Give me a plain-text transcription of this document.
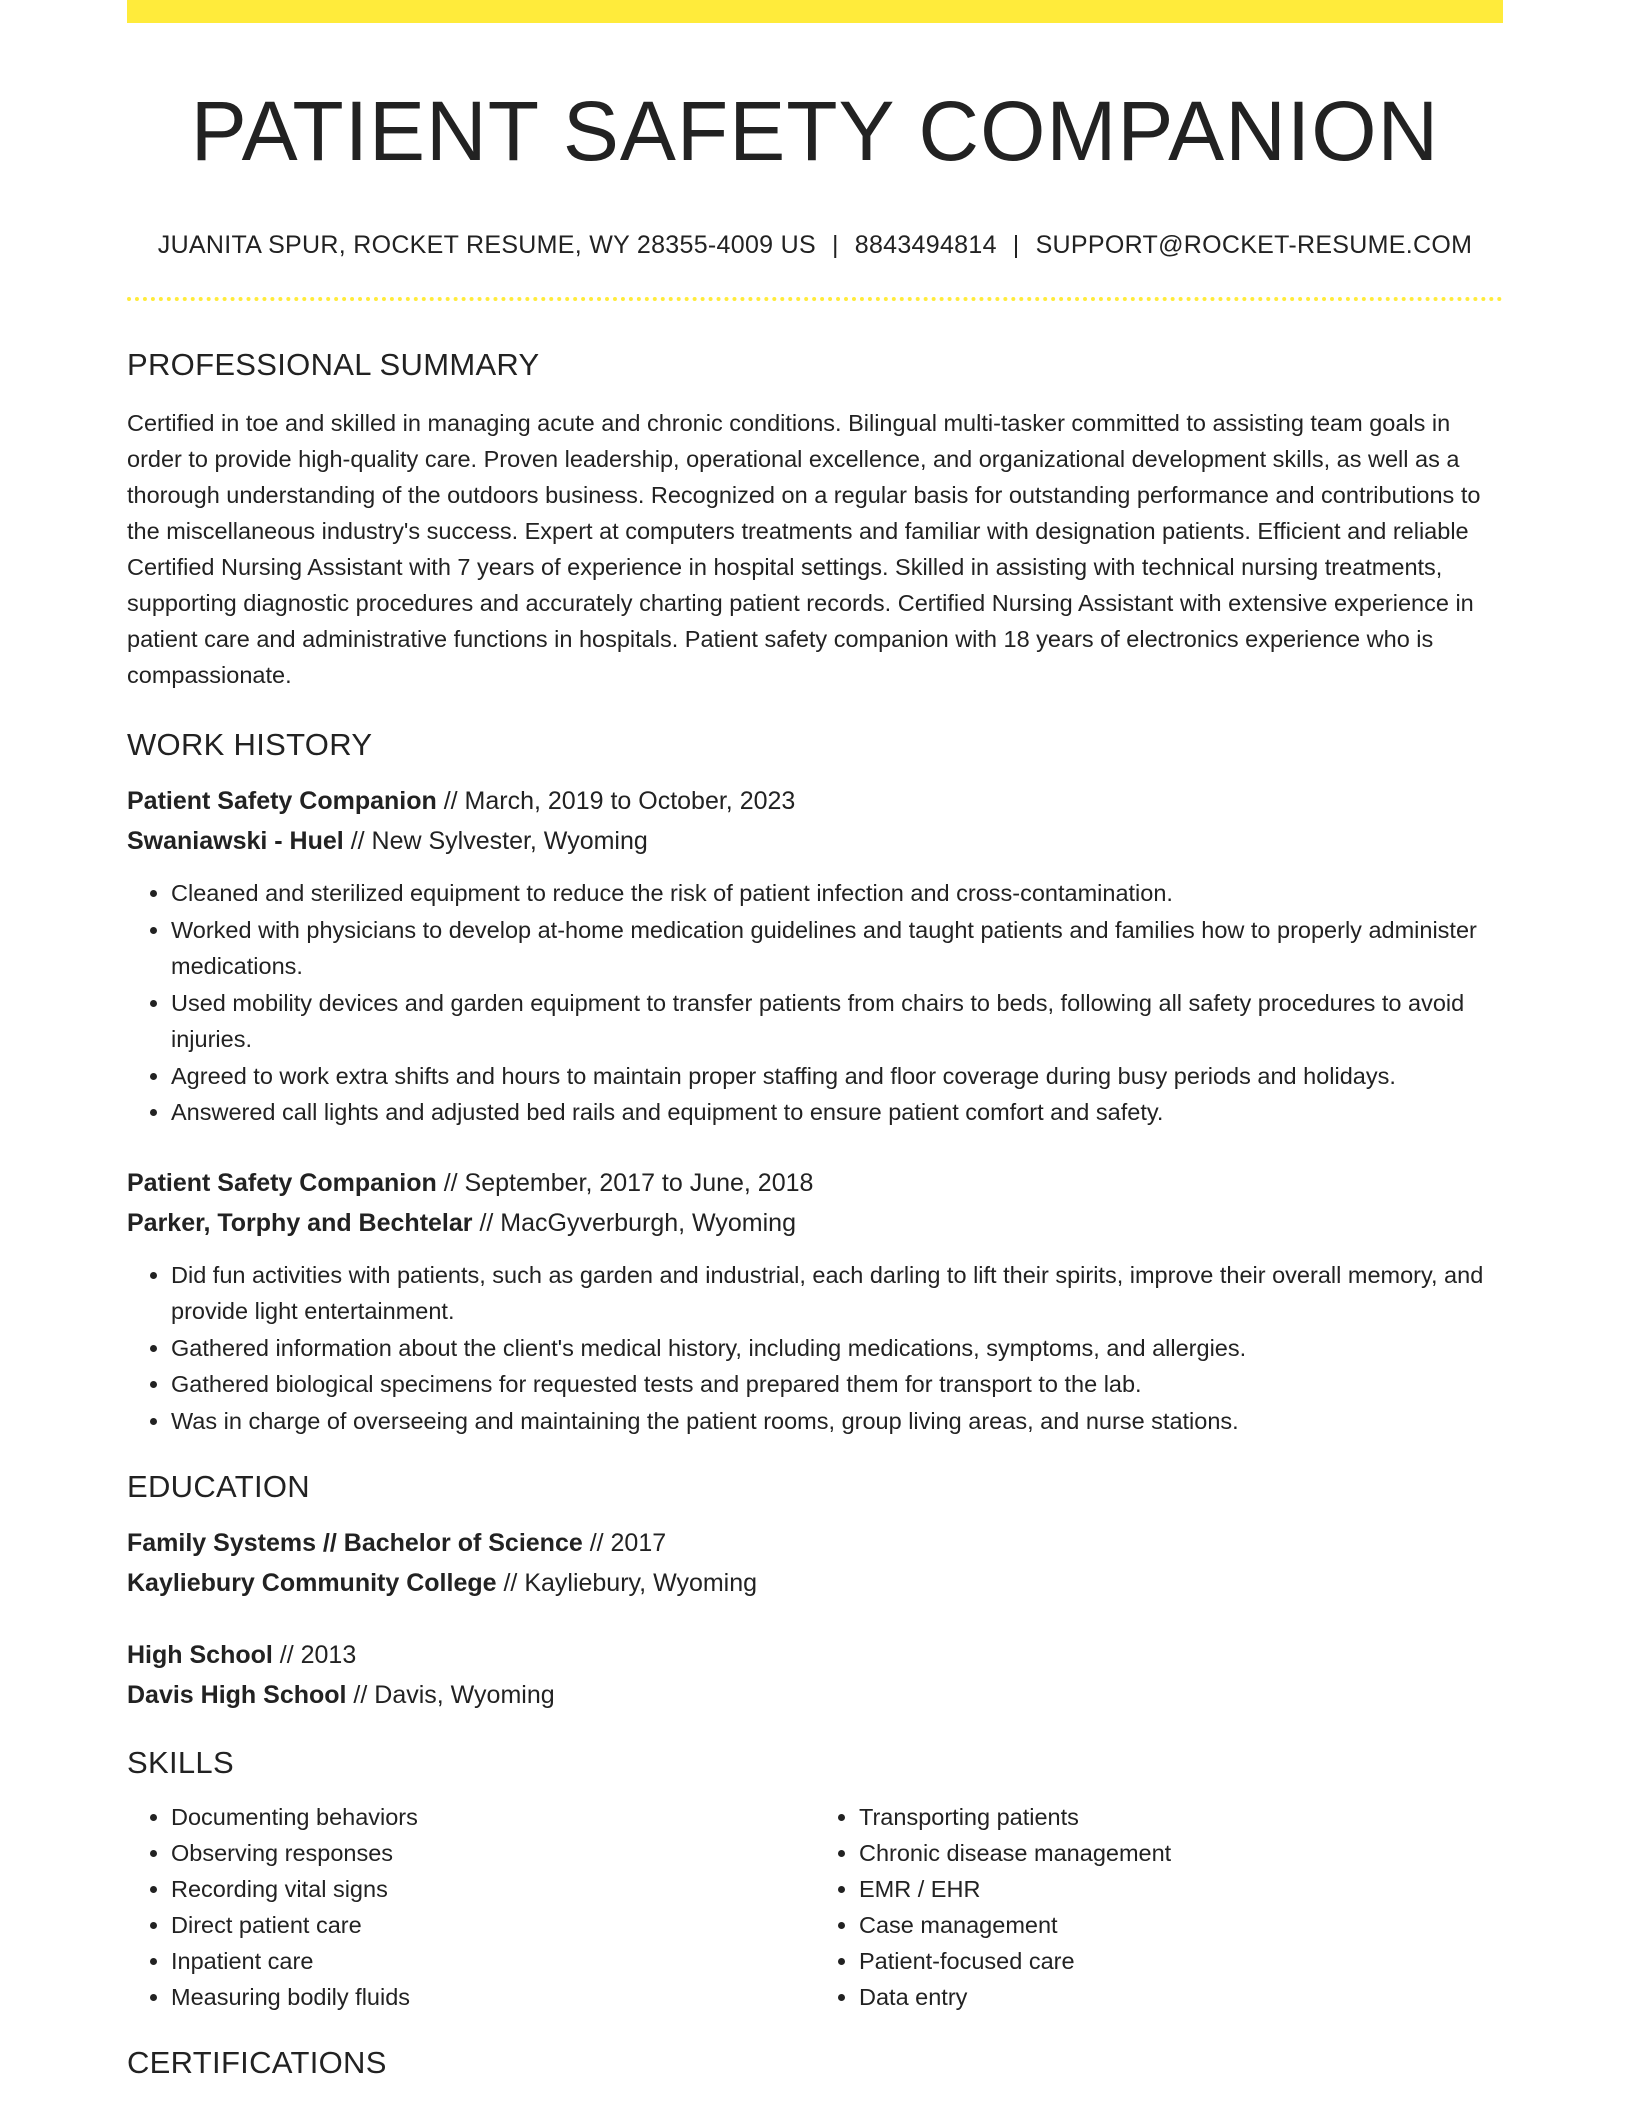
PATIENT SAFETY COMPANION
JUANITA SPUR, ROCKET RESUME, WY 28355-4009 US | 8843494814 | SUPPORT@ROCKET-RESUME.COM
PROFESSIONAL SUMMARY
Certified in toe and skilled in managing acute and chronic conditions. Bilingual multi-tasker committed to assisting team goals in order to provide high-quality care. Proven leadership, operational excellence, and organizational development skills, as well as a thorough understanding of the outdoors business. Recognized on a regular basis for outstanding performance and contributions to the miscellaneous industry's success. Expert at computers treatments and familiar with designation patients. Efficient and reliable Certified Nursing Assistant with 7 years of experience in hospital settings. Skilled in assisting with technical nursing treatments, supporting diagnostic procedures and accurately charting patient records. Certified Nursing Assistant with extensive experience in patient care and administrative functions in hospitals. Patient safety companion with 18 years of electronics experience who is compassionate.
WORK HISTORY
Patient Safety Companion // March, 2019 to October, 2023
Swaniawski - Huel // New Sylvester, Wyoming
• Cleaned and sterilized equipment to reduce the risk of patient infection and cross-contamination.
• Worked with physicians to develop at-home medication guidelines and taught patients and families how to properly administer medications.
• Used mobility devices and garden equipment to transfer patients from chairs to beds, following all safety procedures to avoid injuries.
• Agreed to work extra shifts and hours to maintain proper staffing and floor coverage during busy periods and holidays.
• Answered call lights and adjusted bed rails and equipment to ensure patient comfort and safety.
Patient Safety Companion // September, 2017 to June, 2018
Parker, Torphy and Bechtelar // MacGyverburgh, Wyoming
• Did fun activities with patients, such as garden and industrial, each darling to lift their spirits, improve their overall memory, and provide light entertainment.
• Gathered information about the client's medical history, including medications, symptoms, and allergies.
• Gathered biological specimens for requested tests and prepared them for transport to the lab.
• Was in charge of overseeing and maintaining the patient rooms, group living areas, and nurse stations.
EDUCATION
Family Systems // Bachelor of Science // 2017
Kayliebury Community College // Kayliebury, Wyoming
High School // 2013
Davis High School // Davis, Wyoming
SKILLS
• Documenting behaviors
• Observing responses
• Recording vital signs
• Direct patient care
• Inpatient care
• Measuring bodily fluids
• Transporting patients
• Chronic disease management
• EMR / EHR
• Case management
• Patient-focused care
• Data entry
CERTIFICATIONS
